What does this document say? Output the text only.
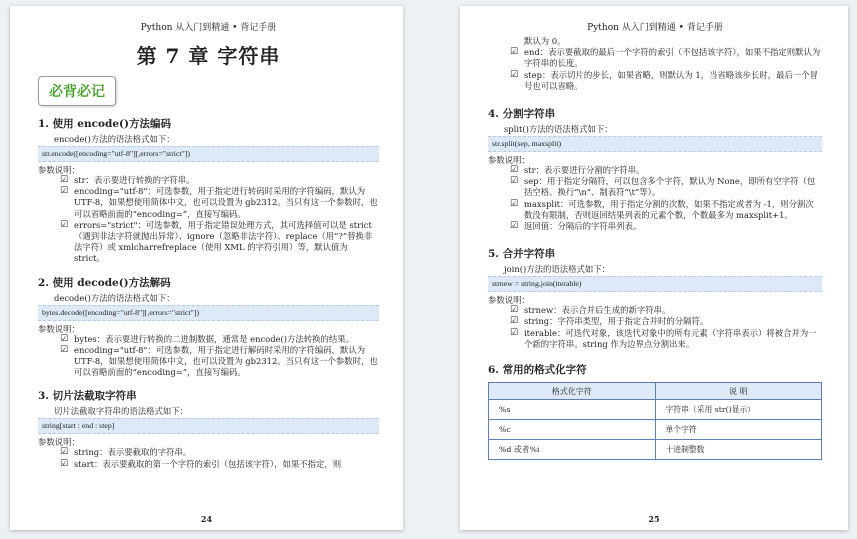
Python 从入门到精通 • 背记手册
第 7 章 字符串
必背必记
1. 使用 encode()方法编码
encode()方法的语法格式如下：
str.encode([encoding="utf-8"][,errors="strict"])
参数说明：
☑ str：表示要进行转换的字符串。
☑ encoding="utf-8"：可选参数，用于指定进行转码时采用的字符编码，默认为 UTF-8，如果想使用简体中文，也可以设置为 gb2312。当只有这一个参数时，也可以省略前面的“encoding=”，直接写编码。
☑ errors="strict"：可选参数，用于指定错误处理方式，其可选择值可以是 strict（遇到非法字符就抛出异常）、ignore（忽略非法字符）、replace（用“?”替换非法字符）或 xmlcharrefreplace（使用 XML 的字符引用）等，默认值为 strict。
2. 使用 decode()方法解码
decode()方法的语法格式如下：
bytes.decode([encoding="utf-8"][,errors="strict"])
参数说明：
☑ bytes：表示要进行转换的二进制数据，通常是 encode()方法转换的结果。
☑ encoding="utf-8"：可选参数，用于指定进行解码时采用的字符编码，默认为 UTF-8，如果想使用简体中文，也可以设置为 gb2312。当只有这一个参数时，也可以省略前面的“encoding=”，直接写编码。
3. 切片法截取字符串
切片法截取字符串的语法格式如下：
string[start : end : step]
参数说明：
☑ string：表示要截取的字符串。
☑ start：表示要截取的第一个字符的索引（包括该字符），如果不指定，则
24
Python 从入门到精通 • 背记手册
默认为 0。
☑ end：表示要截取的最后一个字符的索引（不包括该字符），如果不指定则默认为字符串的长度。
☑ step：表示切片的步长，如果省略，则默认为 1，当省略该步长时，最后一个冒号也可以省略。
4. 分割字符串
split()方法的语法格式如下：
str.split(sep, maxsplit)
参数说明：
☑ str：表示要进行分割的字符串。
☑ sep：用于指定分隔符，可以包含多个字符，默认为 None，即所有空字符（包括空格、换行“\n”、制表符“\t”等）。
☑ maxsplit：可选参数，用于指定分割的次数，如果不指定或者为 -1，则分割次数没有限制，否则返回结果列表的元素个数，个数最多为 maxsplit+1。
☑ 返回值：分隔后的字符串列表。
5. 合并字符串
join()方法的语法格式如下：
strnew = string.join(iterable)
参数说明：
☑ strnew：表示合并后生成的新字符串。
☑ string：字符串类型，用于指定合并时的分隔符。
☑ iterable：可迭代对象，该迭代对象中的所有元素（字符串表示）将被合并为一个新的字符串。string 作为边界点分割出来。
6. 常用的格式化字符
格式化字符	说 明
%s	字符串（采用 str()显示）
%c	单个字符
%d 或者%i	十进制整数
25
